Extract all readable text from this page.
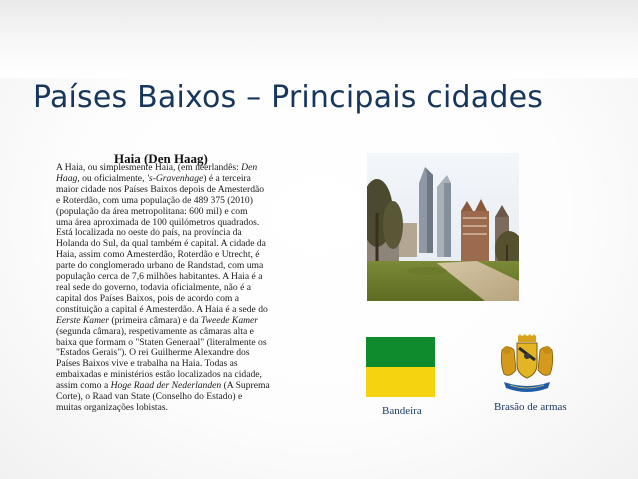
Países Baixos – Principais cidades
Haia (Den Haag)
A Haia, ou simplesmente Haia, (em neerlandês: Den
Haag, ou oficialmente, 's-Gravenhage) é a terceira
maior cidade nos Países Baixos depois de Amesterdão
e Roterdão, com uma população de 489 375 (2010)
(população da área metropolitana: 600 mil) e com
uma área aproximada de 100 quilómetros quadrados.
Está localizada no oeste do país, na província da
Holanda do Sul, da qual também é capital. A cidade da
Haia, assim como Amesterdão, Roterdão e Utrecht, é
parte do conglomerado urbano de Randstad, com uma
população cerca de 7,6 milhões habitantes. A Haia é a
real sede do governo, todavia oficialmente, não é a
capital dos Países Baixos, pois de acordo com a
constituição a capital é Amesterdão. A Haia é a sede do
Eerste Kamer (primeira câmara) e da Tweede Kamer
(segunda câmara), respetivamente as câmaras alta e
baixa que formam o "Staten Generaal" (literalmente os
"Estados Gerais"). O rei Guilherme Alexandre dos
Países Baixos vive e trabalha na Haia. Todas as
embaixadas e ministérios estão localizados na cidade,
assim como a Hoge Raad der Nederlanden (A Suprema
Corte), o Raad van State (Conselho do Estado) e
muitas organizações lobistas.	Bandeira	Brasão de armas
